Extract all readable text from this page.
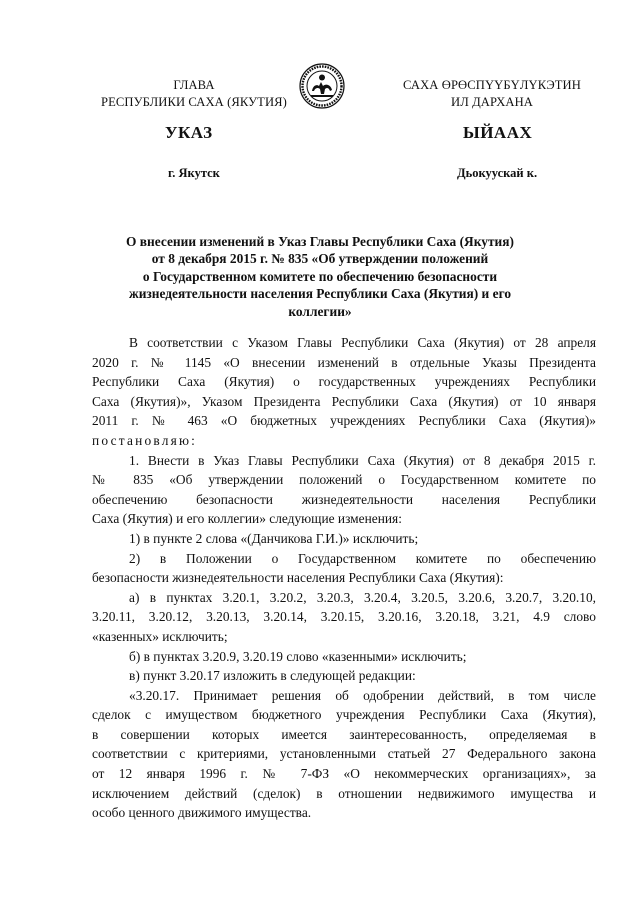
ГЛАВА
РЕСПУБЛИКИ САХА (ЯКУТИЯ)
САХА ӨРӨСПҮҮБҮЛҮКЭТИН
ИЛ ДАРХАНА
УКАЗ	ЫЙААХ
г. Якутск	Дьокуускай к.
О внесении изменений в Указ Главы Республики Саха (Якутия)
от 8 декабря 2015 г. № 835 «Об утверждении положений
о Государственном комитете по обеспечению безопасности
жизнедеятельности населения Республики Саха (Якутия) и его
коллегии»
В соответствии с Указом Главы Республики Саха (Якутия) от 28 апреля
2020 г. № 1145 «О внесении изменений в отдельные Указы Президента
Республики Саха (Якутия) о государственных учреждениях Республики
Саха (Якутия)», Указом Президента Республики Саха (Якутия) от 10 января
2011 г. № 463 «О бюджетных учреждениях Республики Саха (Якутия)»
постановляю:
1. Внести в Указ Главы Республики Саха (Якутия) от 8 декабря 2015 г.
№ 835 «Об утверждении положений о Государственном комитете по
обеспечению безопасности жизнедеятельности населения Республики
Саха (Якутия) и его коллегии» следующие изменения:
1) в пункте 2 слова «(Данчикова Г.И.)» исключить;
2) в Положении о Государственном комитете по обеспечению
безопасности жизнедеятельности населения Республики Саха (Якутия):
а) в пунктах 3.20.1, 3.20.2, 3.20.3, 3.20.4, 3.20.5, 3.20.6, 3.20.7, 3.20.10,
3.20.11, 3.20.12, 3.20.13, 3.20.14, 3.20.15, 3.20.16, 3.20.18, 3.21, 4.9 слово
«казенных» исключить;
б) в пунктах 3.20.9, 3.20.19 слово «казенными» исключить;
в) пункт 3.20.17 изложить в следующей редакции:
«3.20.17. Принимает решения об одобрении действий, в том числе
сделок с имуществом бюджетного учреждения Республики Саха (Якутия),
в совершении которых имеется заинтересованность, определяемая в
соответствии с критериями, установленными статьей 27 Федерального закона
от 12 января 1996 г. № 7-ФЗ «О некоммерческих организациях», за
исключением действий (сделок) в отношении недвижимого имущества и
особо ценного движимого имущества.
